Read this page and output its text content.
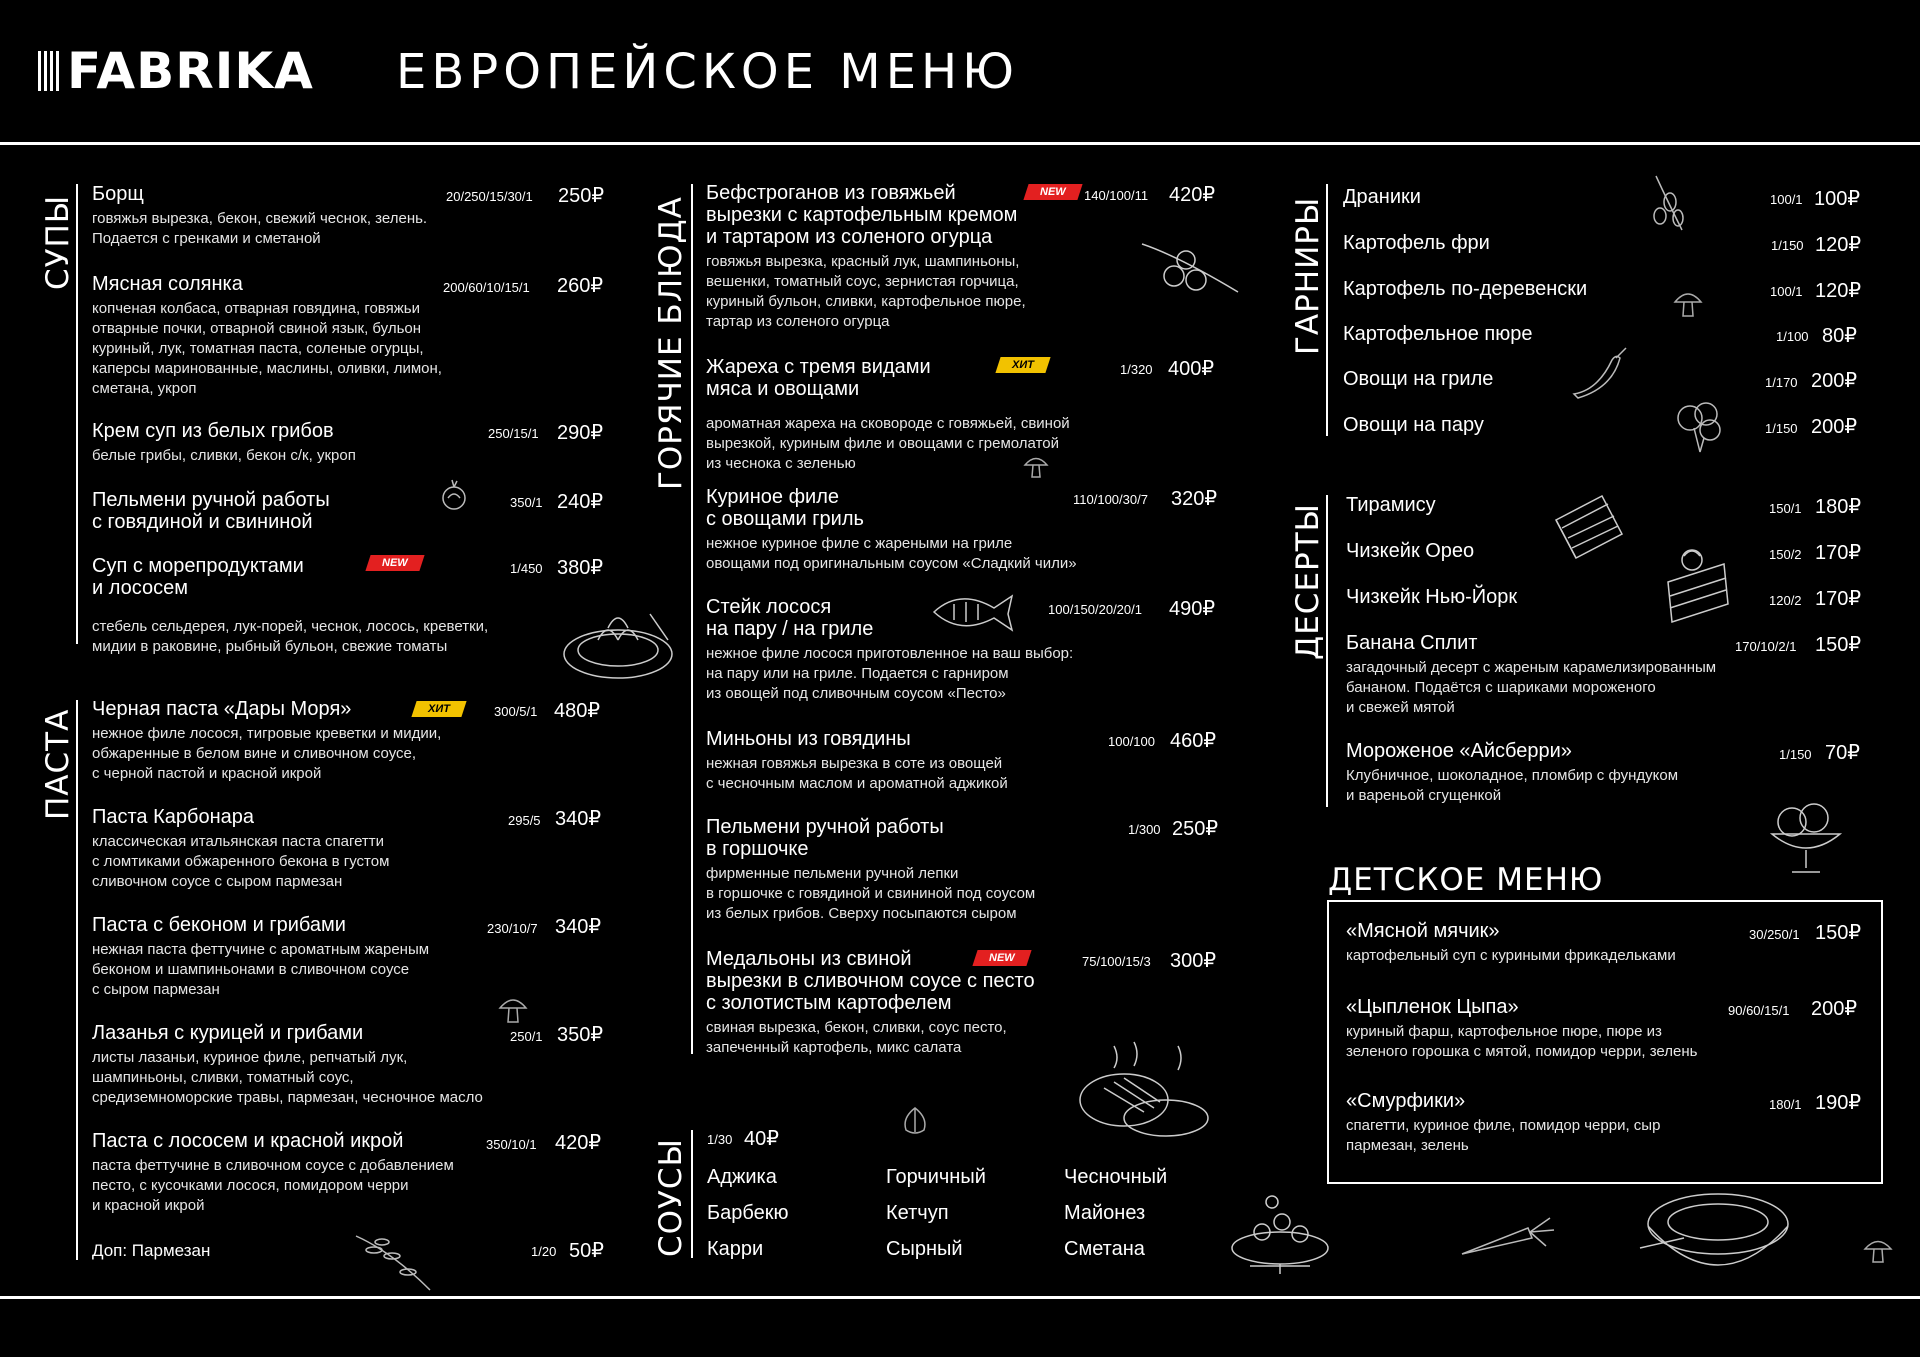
FABRIKA ЕВРОПЕЙСКОЕ МЕНЮ
СУПЫ
ПАСТА
ГОРЯЧИЕ БЛЮДА
СОУСЫ
ГАРНИРЫ
ДЕСЕРТЫ
Борщ
говяжья вырезка, бекон, свежий чеснок, зелень.
Подается с гренками и сметаной
20/250/15/30/1 250₽
Мясная солянка
копченая колбаса, отварная говядина, говяжьи
отварные почки, отварной свиной язык, бульон
куриный, лук, томатная паста, соленые огурцы,
каперсы маринованные, маслины, оливки, лимон,
сметана, укроп
200/60/10/15/1 260₽
Крем суп из белых грибов
белые грибы, сливки, бекон с/к, укроп
250/15/1 290₽
Пельмени ручной работы
с говядиной и свининой
350/1 240₽
Суп с морепродуктами
и лососем
стебель сельдерея, лук-порей, чеснок, лосось, креветки,
мидии в раковине, рыбный бульон, свежие томаты
NEW	1/450 380₽
Черная паста «Дары Моря»
нежное филе лосося, тигровые креветки и мидии,
обжаренные в белом вине и сливочном соусе,
с черной пастой и красной икрой
ХИТ	300/5/1 480₽
Паста Карбонара
классическая итальянская паста спагетти
с ломтиками обжаренного бекона в густом
сливочном соусе с сыром пармезан
295/5 340₽
Паста с беконом и грибами
нежная паста феттучине с ароматным жареным
беконом и шампиньонами в сливочном соусе
с сыром пармезан
230/10/7 340₽
Лазанья с курицей и грибами
листы лазаньи, куриное филе, репчатый лук,
шампиньоны, сливки, томатный соус,
средиземноморские травы, пармезан, чесночное масло
250/1 350₽
Паста с лососем и красной икрой
паста феттучине в сливочном соусе с добавлением
песто, с кусочками лосося, помидором черри
и красной икрой
350/10/1 420₽
Доп: Пармезан	1/20 50₽
Бефстроганов из говяжьей
вырезки с картофельным кремом
и тартаром из соленого огурца
говяжья вырезка, красный лук, шампиньоны,
вешенки, томатный соус, зернистая горчица,
куриный бульон, сливки, картофельное пюре,
тартар из соленого огурца
NEW	140/100/11 420₽
Жареха с тремя видами
мяса и овощами
ароматная жареха на сковороде с говяжьей, свиной
вырезкой, куриным филе и овощами с гремолатой
из чеснока с зеленью
ХИТ	1/320 400₽
Куриное филе
с овощами гриль
нежное куриное филе с жареными на гриле
овощами под оригинальным соусом «Сладкий чили»
110/100/30/7 320₽
Стейк лосося
на пару / на гриле
нежное филе лосося приготовленное на ваш выбор:
на пару или на гриле. Подается с гарниром
из овощей под сливочным соусом «Песто»
100/150/20/20/1 490₽
Миньоны из говядины
нежная говяжья вырезка в соте из овощей
с чесночным маслом и ароматной аджикой
100/100 460₽
Пельмени ручной работы
в горшочке
фирменные пельмени ручной лепки
в горшочке с говядиной и свининой под соусом
из белых грибов. Сверху посыпаются сыром
1/300 250₽
Медальоны из свиной
вырезки в сливочном соусе с песто
с золотистым картофелем
свиная вырезка, бекон, сливки, соус песто,
запеченный картофель, микс салата
NEW	75/100/15/3 300₽
1/30 40₽
Аджика	Горчичный	Чесночный
Барбекю	Кетчуп	Майонез
Карри	Сырный	Сметана
Драники	100/1 100₽
Картофель фри	1/150 120₽
Картофель по-деревенски	100/1 120₽
Картофельное пюре	1/100 80₽
Овощи на гриле	1/170 200₽
Овощи на пару	1/150 200₽
Тирамису	150/1 180₽
Чизкейк Орео	150/2 170₽
Чизкейк Нью-Йорк	120/2 170₽
Банана Сплит
загадочный десерт с жареным карамелизированным
бананом. Подаётся с шариками мороженого
и свежей мятой
170/10/2/1 150₽
Мороженое «Айсберри»
Клубничное, шоколадное, пломбир с фундуком
и вареньой сгущенкой
1/150 70₽
ДЕТСКОЕ МЕНЮ
«Мясной мячик»
картофельный суп с куриными фрикадельками
30/250/1 150₽
«Цыпленок Цыпа»
куриный фарш, картофельное пюре, пюре из
зеленого горошка с мятой, помидор черри, зелень
90/60/15/1 200₽
«Смурфики»
спагетти, куриное филе, помидор черри, сыр
пармезан, зелень
180/1 190₽
